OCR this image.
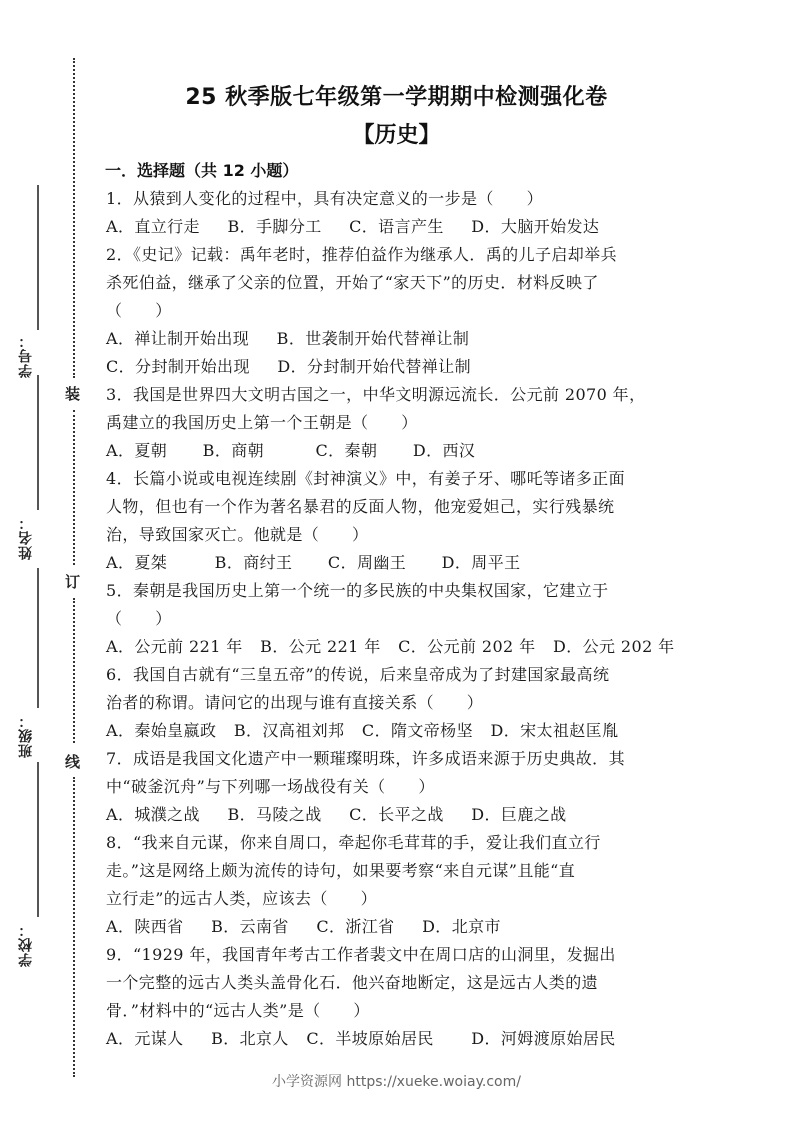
学号：
姓名：
班级：
学校：
装
订
线
25 秋季版七年级第一学期期中检测强化卷
【历史】
一．选择题（共 12 小题）
1．从猿到人变化的过程中，具有决定意义的一步是（　　）
A．直立行走 B．手脚分工 C．语言产生 D．大脑开始发达
2．《史记》记载：禹年老时，推荐伯益作为继承人．禹的儿子启却举兵
杀死伯益，继承了父亲的位置，开始了“家天下”的历史．材料反映了
（　　）
A．禅让制开始出现 B．世袭制开始代替禅让制
C．分封制开始出现 D．分封制开始代替禅让制
3．我国是世界四大文明古国之一，中华文明源远流长．公元前 2070 年，
禹建立的我国历史上第一个王朝是（　　）
A．夏朝 B．商朝	C．秦朝 D．西汉
4．长篇小说或电视连续剧《封神演义》中，有姜子牙、哪吒等诸多正面
人物，但也有一个作为著名暴君的反面人物，他宠爱妲己，实行残暴统
治，导致国家灭亡。他就是（　　）
A．夏桀	B．商纣王 C．周幽王 D．周平王
5．秦朝是我国历史上第一个统一的多民族的中央集权国家，它建立于
（　　）
A．公元前 221 年 B．公元 221 年 C．公元前 202 年 D．公元 202 年
6．我国自古就有“三皇五帝”的传说，后来皇帝成为了封建国家最高统
治者的称谓。请问它的出现与谁有直接关系（　　）
A．秦始皇嬴政 B．汉高祖刘邦 C．隋文帝杨坚 D．宋太祖赵匡胤
7．成语是我国文化遗产中一颗璀璨明珠，许多成语来源于历史典故．其
中“破釜沉舟”与下列哪一场战役有关（　　）
A．城濮之战 B．马陵之战 C．长平之战 D．巨鹿之战
8．“我来自元谋，你来自周口，牵起你毛茸茸的手，爱让我们直立行
走。”这是网络上颇为流传的诗句，如果要考察“来自元谋”且能“直
立行走”的远古人类，应该去（　　）
A．陕西省 B．云南省 C．浙江省 D．北京市
9．“1929 年，我国青年考古工作者裴文中在周口店的山洞里，发掘出
一个完整的远古人类头盖骨化石．他兴奋地断定，这是远古人类的遗
骨．”材料中的“远古人类”是（　　）
A．元谋人 B．北京人 C．半坡原始居民 D．河姆渡原始居民
小学资源网 https://xueke.woiay.com/
